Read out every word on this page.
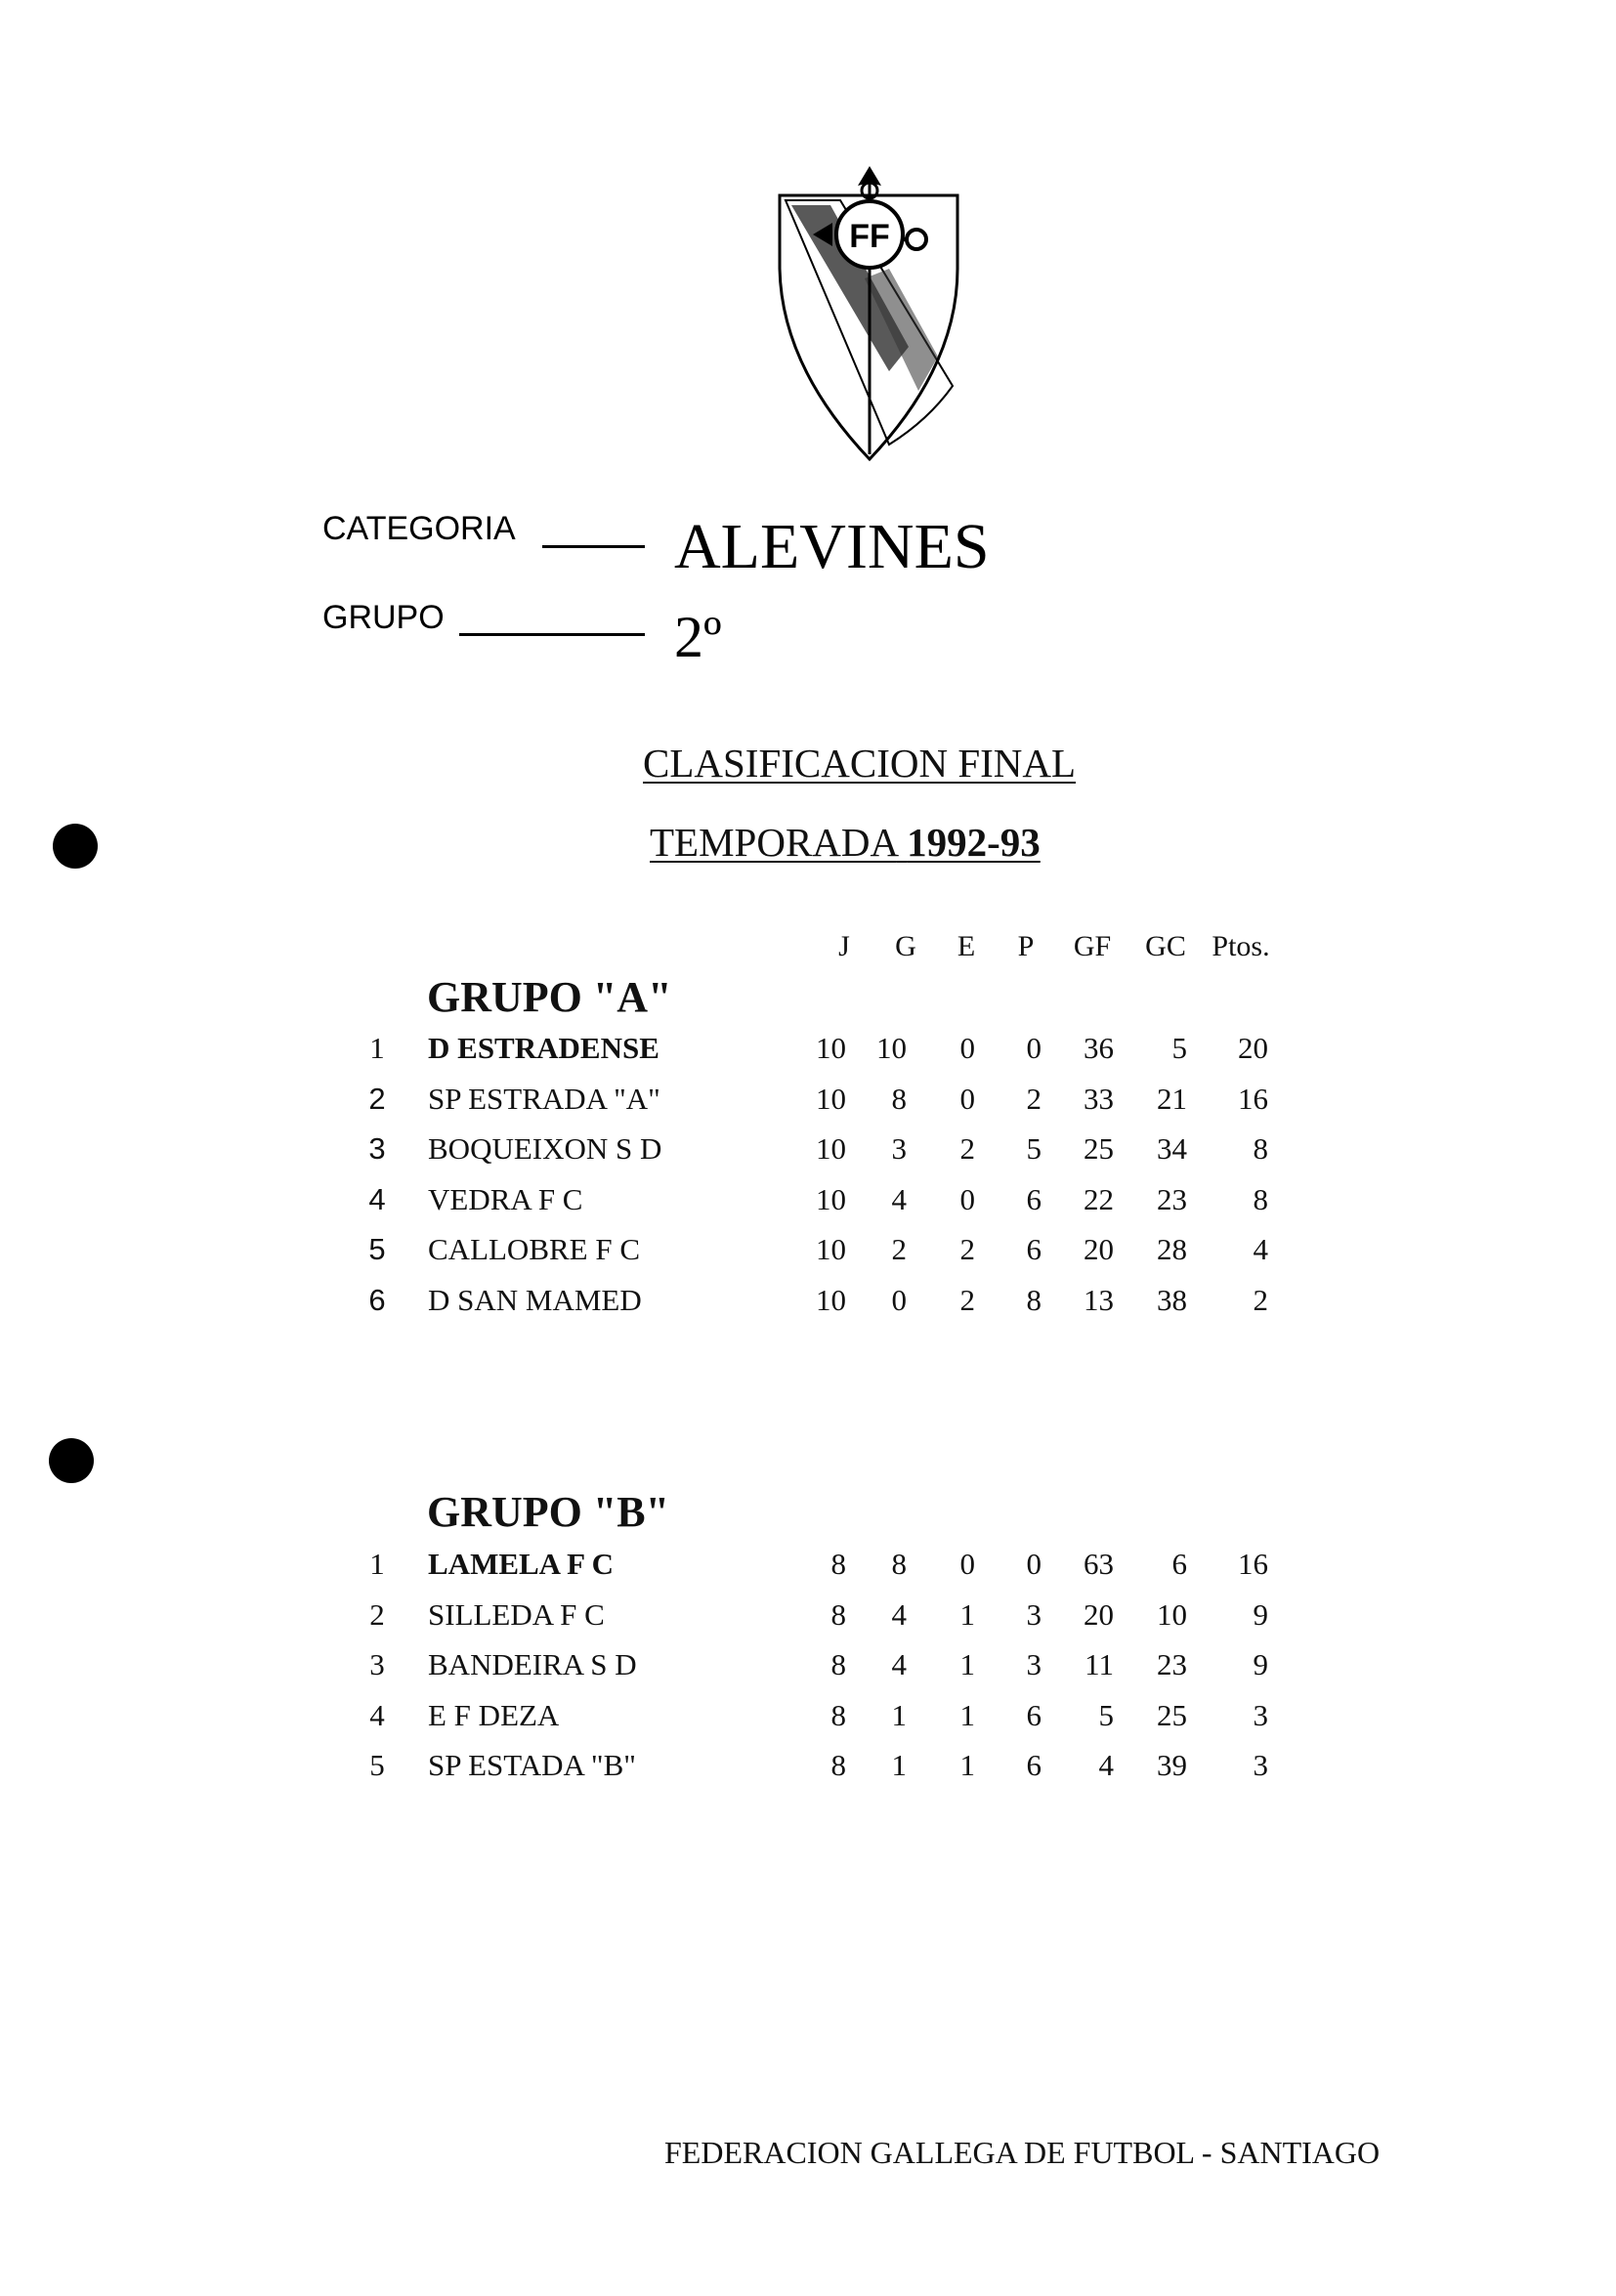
FF
CATEGORIA ALEVINES
GRUPO	2º
CLASIFICACION FINAL
TEMPORADA 1992-93
J	G	E	P	GF	GC Ptos.
GRUPO "A"
1	D ESTRADENSE	10	10	0	0	36	5	20
2	SP ESTRADA "A"	10	8	0	2	33	21	16
3	BOQUEIXON S D	10	3	2	5	25	34	8
4	VEDRA F C	10	4	0	6	22	23	8
5	CALLOBRE F C	10	2	2	6	20	28	4
6	D SAN MAMED	10	0	2	8	13	38	2
GRUPO "B"
1	LAMELA F C	8	8	0	0	63	6	16
2	SILLEDA F C	8	4	1	3	20	10	9
3	BANDEIRA S D	8	4	1	3	11	23	9
4	E F DEZA	8	1	1	6	5	25	3
5	SP ESTADA "B"	8	1	1	6	4	39	3
FEDERACION GALLEGA DE FUTBOL - SANTIAGO
